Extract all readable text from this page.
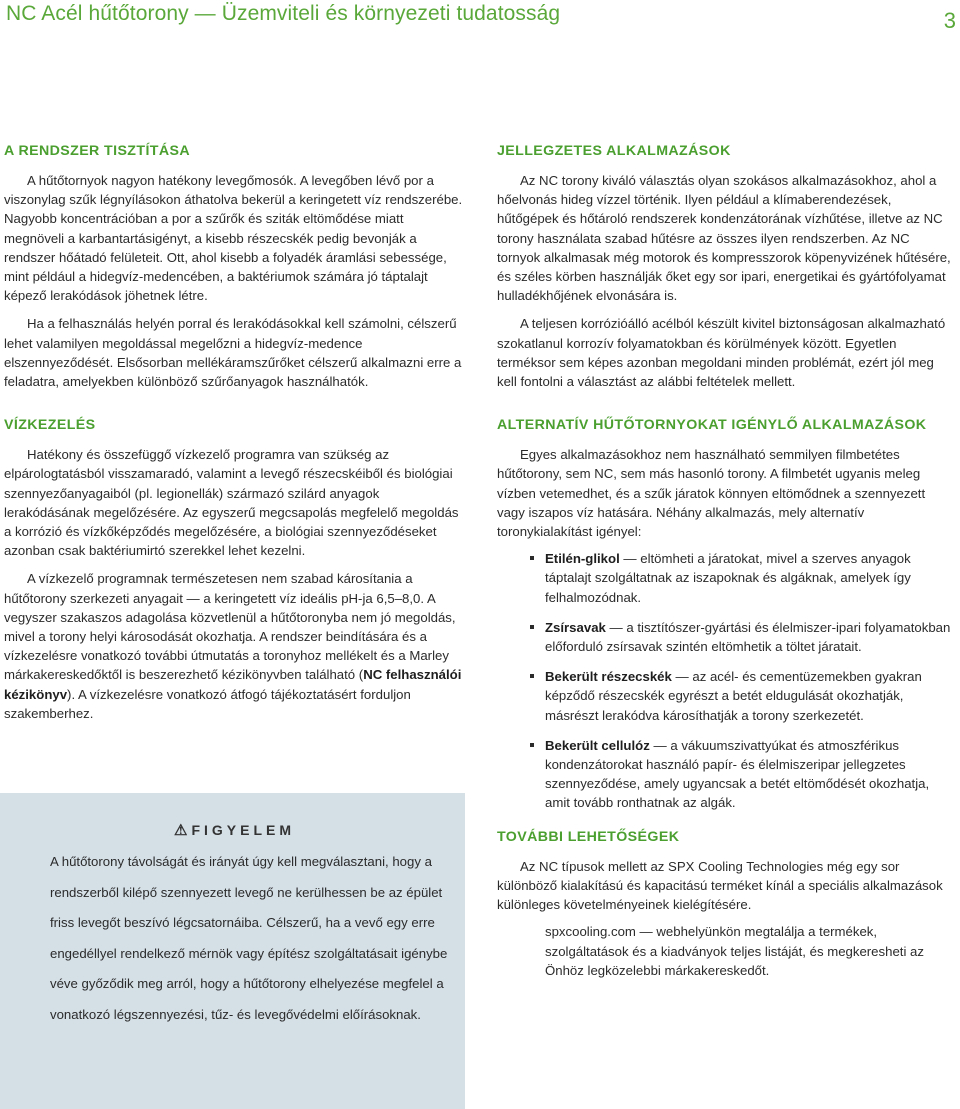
NC Acél hűtőtorony — Üzemviteli és környezeti tudatosság	3
A RENDSZER TISZTÍTÁSA

A hűtőtornyok nagyon hatékony levegőmosók. A levegőben lévő por a viszonylag szűk légnyílásokon áthatolva bekerül a keringetett víz rendszerébe. Nagyobb koncentrációban a por a szűrők és sziták eltömődése miatt megnöveli a karbantartásigényt, a kisebb részecskék pedig bevonják a rendszer hőátadó felületeit. Ott, ahol kisebb a folyadék áramlási sebessége, mint például a hidegvíz-medencében, a baktériumok számára jó táptalajt képező lerakódások jöhetnek létre.

Ha a felhasználás helyén porral és lerakódásokkal kell számolni, célszerű lehet valamilyen megoldással megelőzni a hidegvíz-medence elszennyeződését. Elsősorban mellékáramszűrőket célszerű alkalmazni erre a feladatra, amelyekben különböző szűrőanyagok használhatók.

VÍZKEZELÉS

Hatékony és összefüggő vízkezelő programra van szükség az elpárologtatásból visszamaradó, valamint a levegő részecskéiből és biológiai szennyezőanyagaiból (pl. legionellák) származó szilárd anyagok lerakódásának megelőzésére. Az egyszerű megcsapolás megfelelő megoldás a korrózió és vízkőképződés megelőzésére, a biológiai szennyeződéseket azonban csak baktériumirtó szerekkel lehet kezelni.

A vízkezelő programnak természetesen nem szabad károsítania a hűtőtorony szerkezeti anyagait — a keringetett víz ideális pH-ja 6,5–8,0. A vegyszer szakaszos adagolása közvetlenül a hűtőtoronyba nem jó megoldás, mivel a torony helyi károsodását okozhatja. A rendszer beindítására és a vízkezelésre vonatkozó további útmutatás a toronyhoz mellékelt és a Marley márkakereskedőktől is beszerezhető kézikönyvben található (NC felhasználói kézikönyv). A vízkezelésre vonatkozó átfogó tájékoztatásért forduljon szakemberhez.

⚠ FIGYELEM
A hűtőtorony távolságát és irányát úgy kell megválasztani, hogy a rendszerből kilépő szennyezett levegő ne kerülhessen be az épület friss levegőt beszívó légcsatornáiba. Célszerű, ha a vevő egy erre engedéllyel rendelkező mérnök vagy építész szolgáltatásait igénybe véve győződik meg arról, hogy a hűtőtorony elhelyezése megfelel a vonatkozó légszennyezési, tűz- és levegővédelmi előírásoknak.
JELLEGZETES ALKALMAZÁSOK

Az NC torony kiváló választás olyan szokásos alkalmazásokhoz, ahol a hőelvonás hideg vízzel történik. Ilyen például a klímaberendezések, hűtőgépek és hőtároló rendszerek kondenzátorának vízhűtése, illetve az NC torony használata szabad hűtésre az összes ilyen rendszerben. Az NC tornyok alkalmasak még motorok és kompresszorok köpenyvizének hűtésére, és széles körben használják őket egy sor ipari, energetikai és gyártófolyamat hulladékhőjének elvonására is.

A teljesen korrózióálló acélból készült kivitel biztonságosan alkalmazható szokatlanul korrozív folyamatokban és körülmények között. Egyetlen terméksor sem képes azonban megoldani minden problémát, ezért jól meg kell fontolni a választást az alábbi feltételek mellett.

ALTERNATÍV HŰTŐTORNYOKAT IGÉNYLŐ ALKALMAZÁSOK

Egyes alkalmazásokhoz nem használható semmilyen filmbetétes hűtőtorony, sem NC, sem más hasonló torony. A filmbetét ugyanis meleg vízben vetemedhet, és a szűk járatok könnyen eltömődnek a szennyezett vagy iszapos víz hatására. Néhány alkalmazás, mely alternatív toronykialakítást igényel:

Etilén-glikol — eltömheti a járatokat, mivel a szerves anyagok táptalajt szolgáltatnak az iszapoknak és algáknak, amelyek így felhalmozódnak.
Zsírsavak — a tisztítószer-gyártási és élelmiszer-ipari folyamatokban előforduló zsírsavak szintén eltömhetik a töltet járatait.
Bekerült részecskék — az acél- és cementüzemekben gyakran képződő részecskék egyrészt a betét eldugulását okozhatják, másrészt lerakódva károsíthatják a torony szerkezetét.
Bekerült cellulóz — a vákuumszivattyúkat és atmoszférikus kondenzátorokat használó papír- és élelmiszeripar jellegzetes szennyeződése, amely ugyancsak a betét eltömődését okozhatja, amit tovább ronthatnak az algák.
TOVÁBBI LEHETŐSÉGEK

Az NC típusok mellett az SPX Cooling Technologies még egy sor különböző kialakítású és kapacitású terméket kínál a speciális alkalmazások különleges követelményeinek kielégítésére.

spxcooling.com — webhelyünkön megtalálja a termékek, szolgáltatások és a kiadványok teljes listáját, és megkeresheti az Önhöz legközelebbi márkakereskedőt.
